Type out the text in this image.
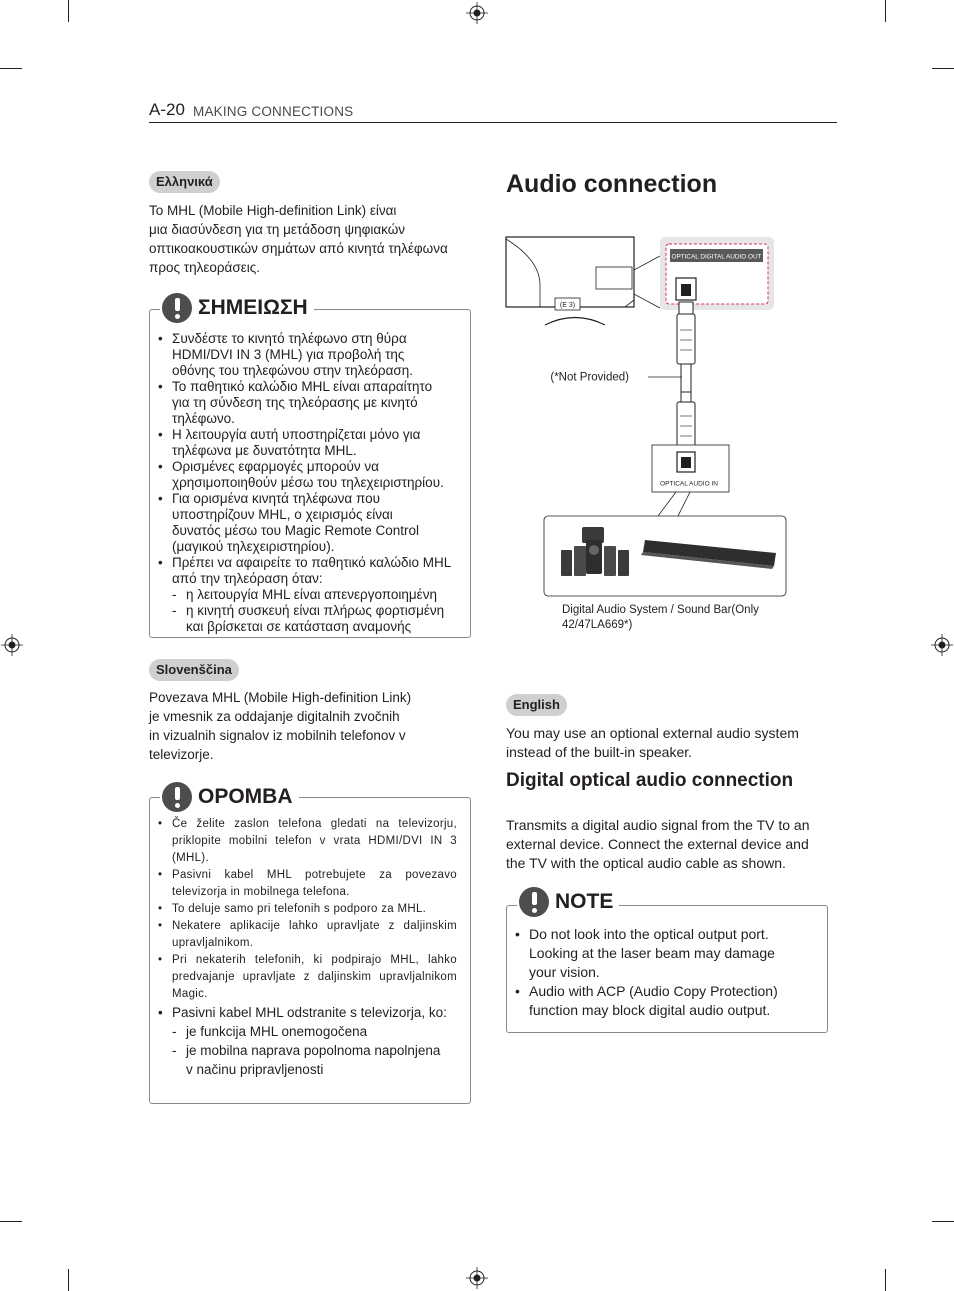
A-20 MAKING CONNECTIONS
Ελληνικά
Το MHL (Mobile High-definition Link) είναι
μια διασύνδεση για τη μετάδοση ψηφιακών
οπτικοακουστικών σημάτων από κινητά τηλέφωνα
προς τηλεοράσεις.
ΣΗΜΕΙΩΣΗ
• Συνδέστε το κινητό τηλέφωνο στη θύρα
HDMI/DVI IN 3 (MHL) για προβολή της
οθόνης του τηλεφώνου στην τηλεόραση.
• Το παθητικό καλώδιο MHL είναι απαραίτητο
για τη σύνδεση της τηλεόρασης με κινητό
τηλέφωνο.
• Η λειτουργία αυτή υποστηρίζεται μόνο για
τηλέφωνα με δυνατότητα MHL.
• Ορισμένες εφαρμογές μπορούν να
χρησιμοποιηθούν μέσω του τηλεχειριστηρίου.
• Για ορισμένα κινητά τηλέφωνα που
υποστηρίζουν MHL, ο χειρισμός είναι
δυνατός μέσω του Magic Remote Control
(μαγικού τηλεχειριστηρίου).
• Πρέπει να αφαιρείτε το παθητικό καλώδιο MHL
από την τηλεόραση όταν:
- η λειτουργία MHL είναι απενεργοποιημένη
- η κινητή συσκευή είναι πλήρως φορτισμένη
και βρίσκεται σε κατάσταση αναμονής
Slovenščina
Povezava MHL (Mobile High-definition Link)
je vmesnik za oddajanje digitalnih zvočnih
in vizualnih signalov iz mobilnih telefonov v
televizorje.
OPOMBA
• Če želite zaslon telefona gledati na televizorju, priklopite mobilni telefon v vrata HDMI/DVI IN 3 (MHL).
• Pasivni kabel MHL potrebujete za povezavo televizorja in mobilnega telefona.
• To deluje samo pri telefonih s podporo za MHL.
• Nekatere aplikacije lahko upravljate z daljinskim upravljalnikom.
• Pri nekaterih telefonih, ki podpirajo MHL, lahko predvajanje upravljate z daljinskim upravljalnikom Magic.
• Pasivni kabel MHL odstranite s televizorja, ko:
- je funkcija MHL onemogočena
- je mobilna naprava popolnoma napolnjena
v načinu pripravljenosti
Audio connection
(E 3)
OPTICAL DIGITAL AUDIO OUT
(*Not Provided)
OPTICAL AUDIO IN
Digital Audio System / Sound Bar(Only
42/47LA669*)
English
You may use an optional external audio system
instead of the built-in speaker.
Digital optical audio connection
Transmits a digital audio signal from the TV to an
external device. Connect the external device and
the TV with the optical audio cable as shown.
NOTE
• Do not look into the optical output port.
Looking at the laser beam may damage
your vision.
• Audio with ACP (Audio Copy Protection)
function may block digital audio output.
